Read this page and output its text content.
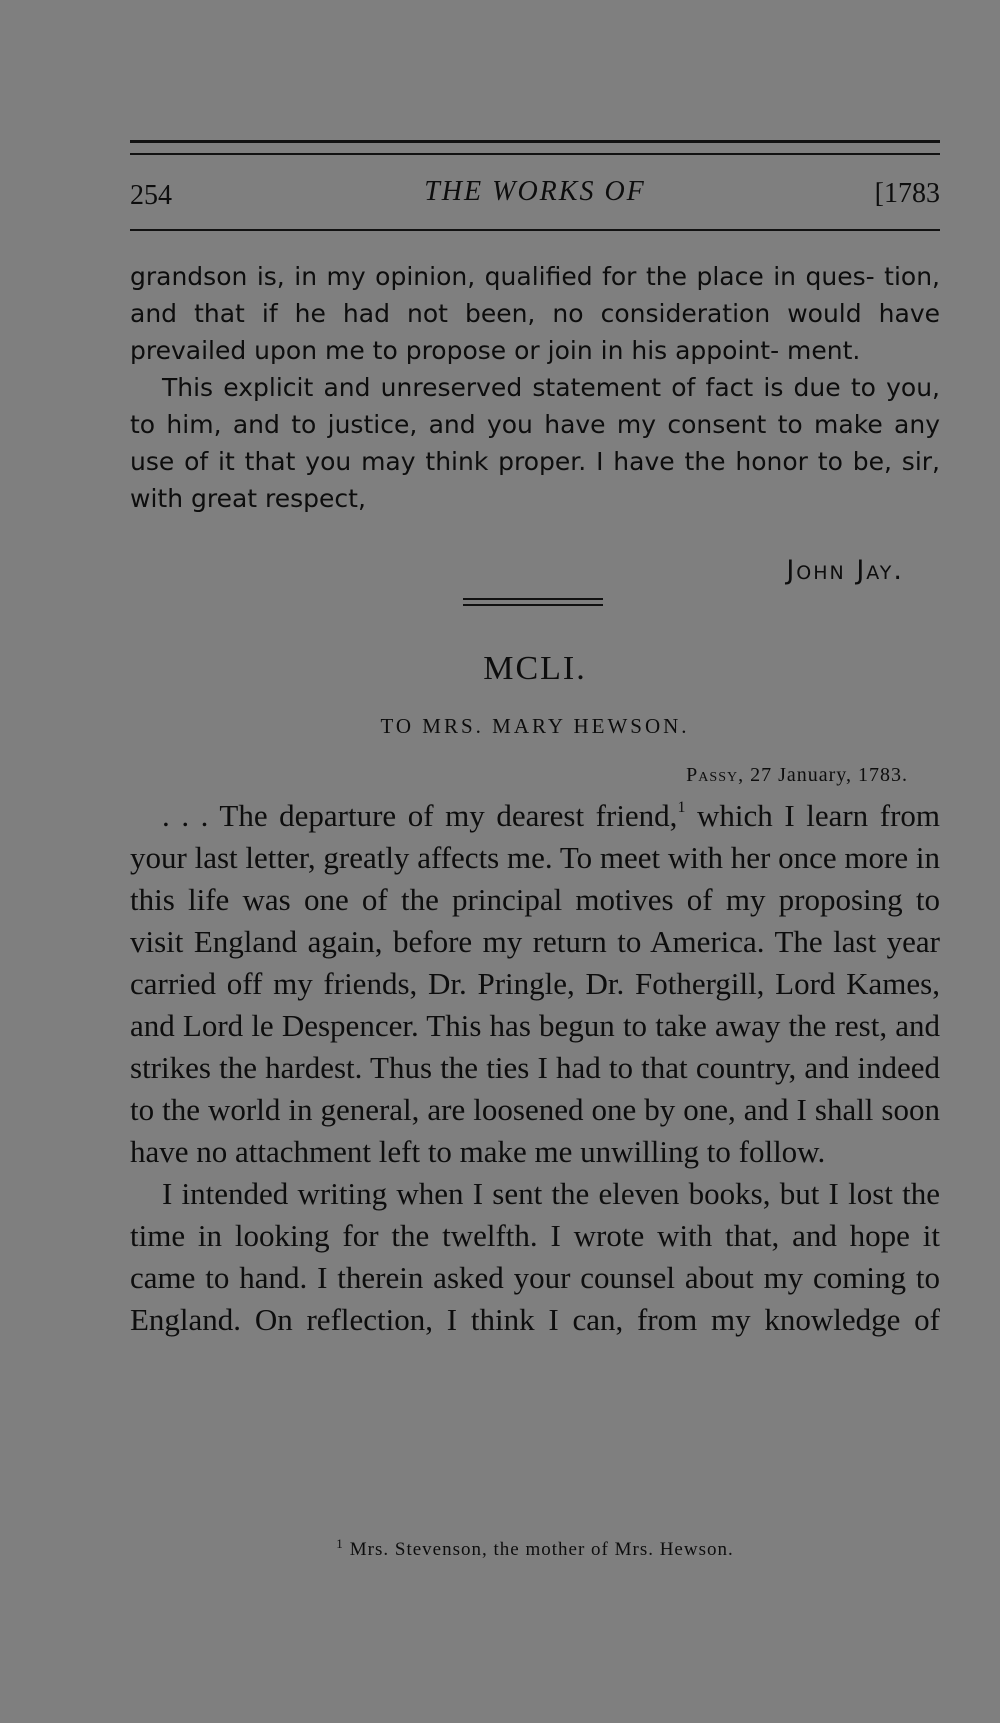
254	THE WORKS OF	[1783

grandson is, in my opinion, qualified for the place in ques- tion, and that if he had not been, no consideration would have prevailed upon me to propose or join in his appoint- ment.

This explicit and unreserved statement of fact is due to you, to him, and to justice, and you have my consent to make any use of it that you may think proper. I have the honor to be, sir, with great respect,

John Jay.
MCLI.
TO MRS. MARY HEWSON.
Passy, 27 January, 1783.

. . . The departure of my dearest friend,$^1$ which I learn from your last letter, greatly affects me. To meet with her once more in this life was one of the principal motives of my proposing to visit England again, before my return to America. The last year carried off my friends, Dr. Pringle, Dr. Fothergill, Lord Kames, and Lord le Despencer. This has begun to take away the rest, and strikes the hardest. Thus the ties I had to that country, and indeed to the world in general, are loosened one by one, and I shall soon have no attachment left to make me unwilling to follow.

I intended writing when I sent the eleven books, but I lost the time in looking for the twelfth. I wrote with that, and hope it came to hand. I therein asked your counsel about my coming to England. On reflection, I think I can, from my knowledge of

$^1$ Mrs. Stevenson, the mother of Mrs. Hewson.
